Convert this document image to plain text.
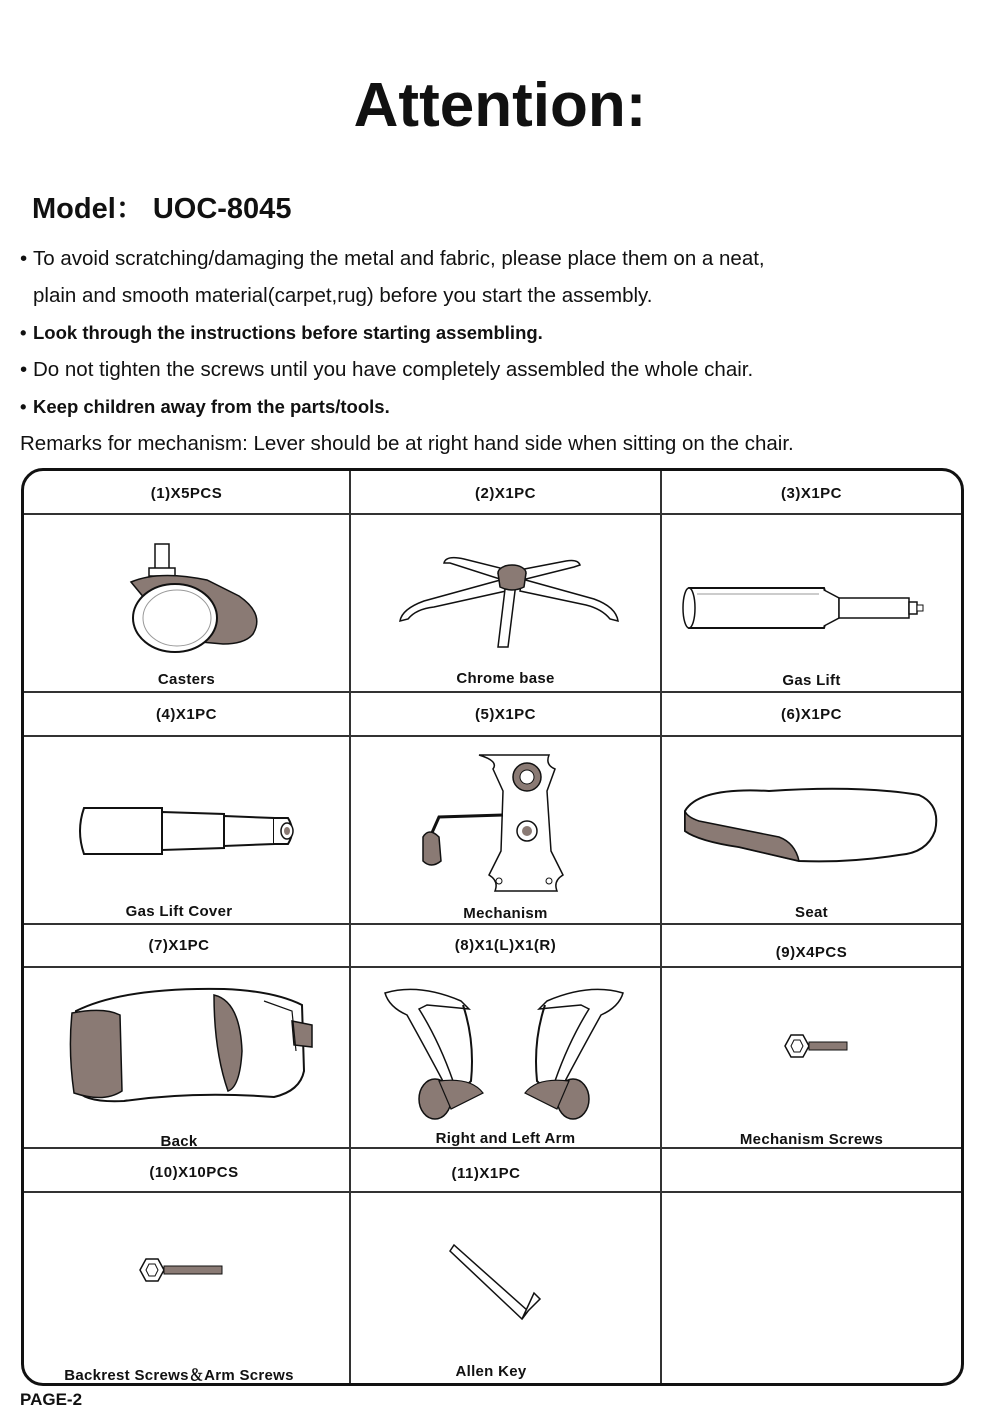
Attention:
Model： UOC-8045
• To avoid scratching/damaging the metal and fabric, please place them on a neat,
plain and smooth material(carpet,rug) before you start the assembly.
• Look through the instructions before starting assembling.
• Do not tighten the screws until you have completely assembled the whole chair.
• Keep children away from the parts/tools.
Remarks for mechanism: Lever should be at right hand side when sitting on the chair.
(1)X5PCS	(2)X1PC	(3)X1PC
Casters	Chrome base	Gas Lift
(4)X1PC	(5)X1PC	(6)X1PC
Gas Lift Cover	Mechanism	Seat
(7)X1PC	(8)X1(L)X1(R)	(9)X4PCS
Back	Right and Left Arm	Mechanism Screws
(10)X10PCS	(11)X1PC
Backrest Screws＆Arm Screws	Allen Key
PAGE-2
